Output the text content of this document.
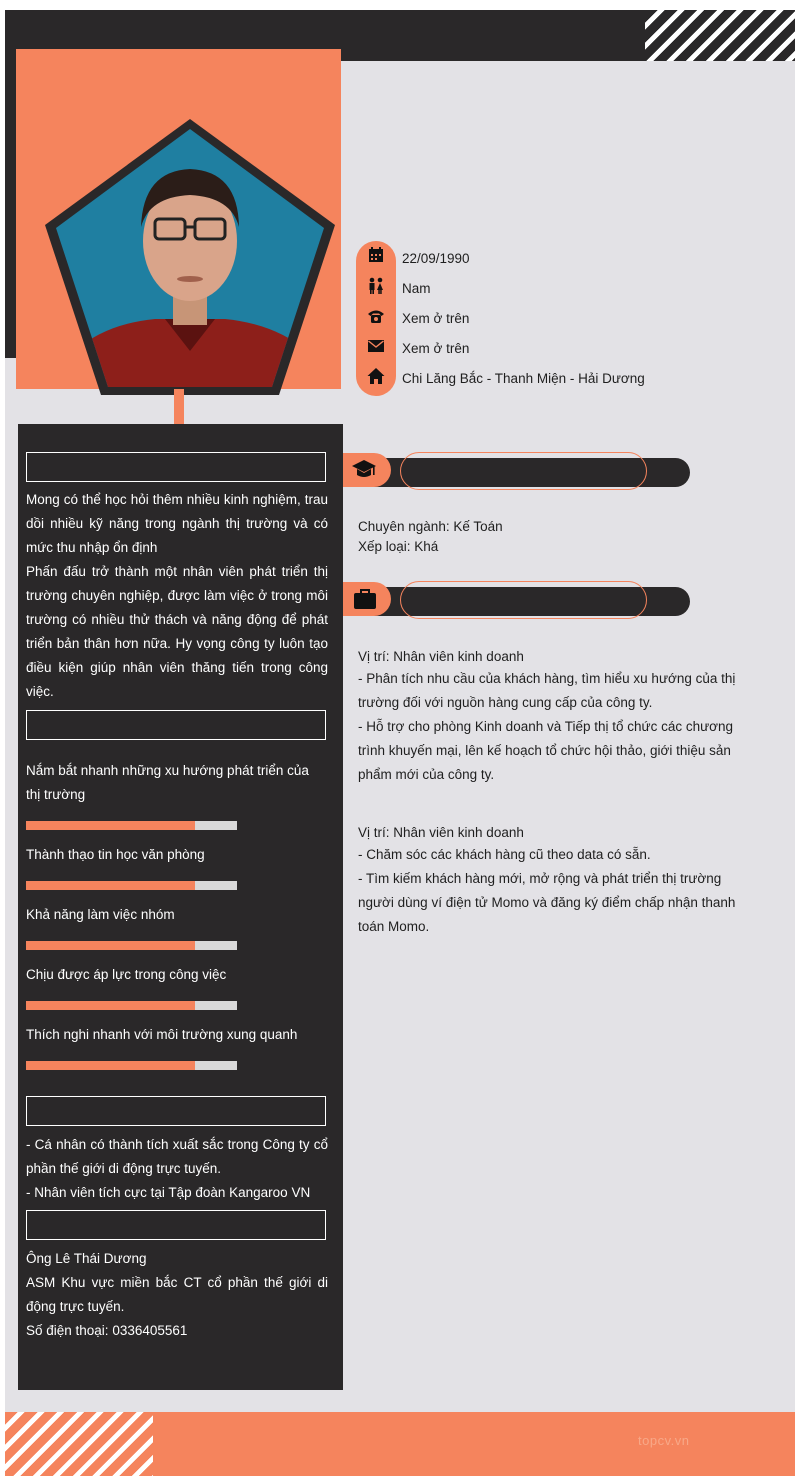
22/09/1990
Nam
Xem ở trên
Xem ở trên
Chi Lăng Bắc - Thanh Miện - Hải Dương

Mong có thể học hỏi thêm nhiều kinh nghiệm, trau dồi nhiều kỹ năng trong ngành thị trường và có mức thu nhập ổn định

Phấn đấu trở thành một nhân viên phát triển thị trường chuyên nghiệp, được làm việc ở trong môi trường có nhiều thử thách và năng động để phát triển bản thân hơn nữa. Hy vọng công ty luôn tạo điều kiện giúp nhân viên thăng tiến trong công việc.

Nắm bắt nhanh những xu hướng phát triển của thị trường
Thành thạo tin học văn phòng
Khả năng làm việc nhóm
Chịu được áp lực trong công việc
Thích nghi nhanh với môi trường xung quanh

- Cá nhân có thành tích xuất sắc trong Công ty cổ phần thế giới di động trực tuyến.

- Nhân viên tích cực tại Tập đoàn Kangaroo VN

Ông Lê Thái Dương

ASM Khu vực miền bắc CT cổ phần thế giới di động trực tuyến.

Số điện thoại: 0336405561

Chuyên ngành: Kế Toán

Xếp loại: Khá

Vị trí: Nhân viên kinh doanh

- Phân tích nhu cầu của khách hàng, tìm hiểu xu hướng của thị trường đối với nguồn hàng cung cấp của công ty.

- Hỗ trợ cho phòng Kinh doanh và Tiếp thị tổ chức các chương trình khuyến mại, lên kế hoạch tổ chức hội thảo, giới thiệu sản phẩm mới của công ty.

Vị trí: Nhân viên kinh doanh

- Chăm sóc các khách hàng cũ theo data có sẵn.

- Tìm kiếm khách hàng mới, mở rộng và phát triển thị trường người dùng ví điện tử Momo và đăng ký điểm chấp nhận thanh toán Momo.

topcv.vn
